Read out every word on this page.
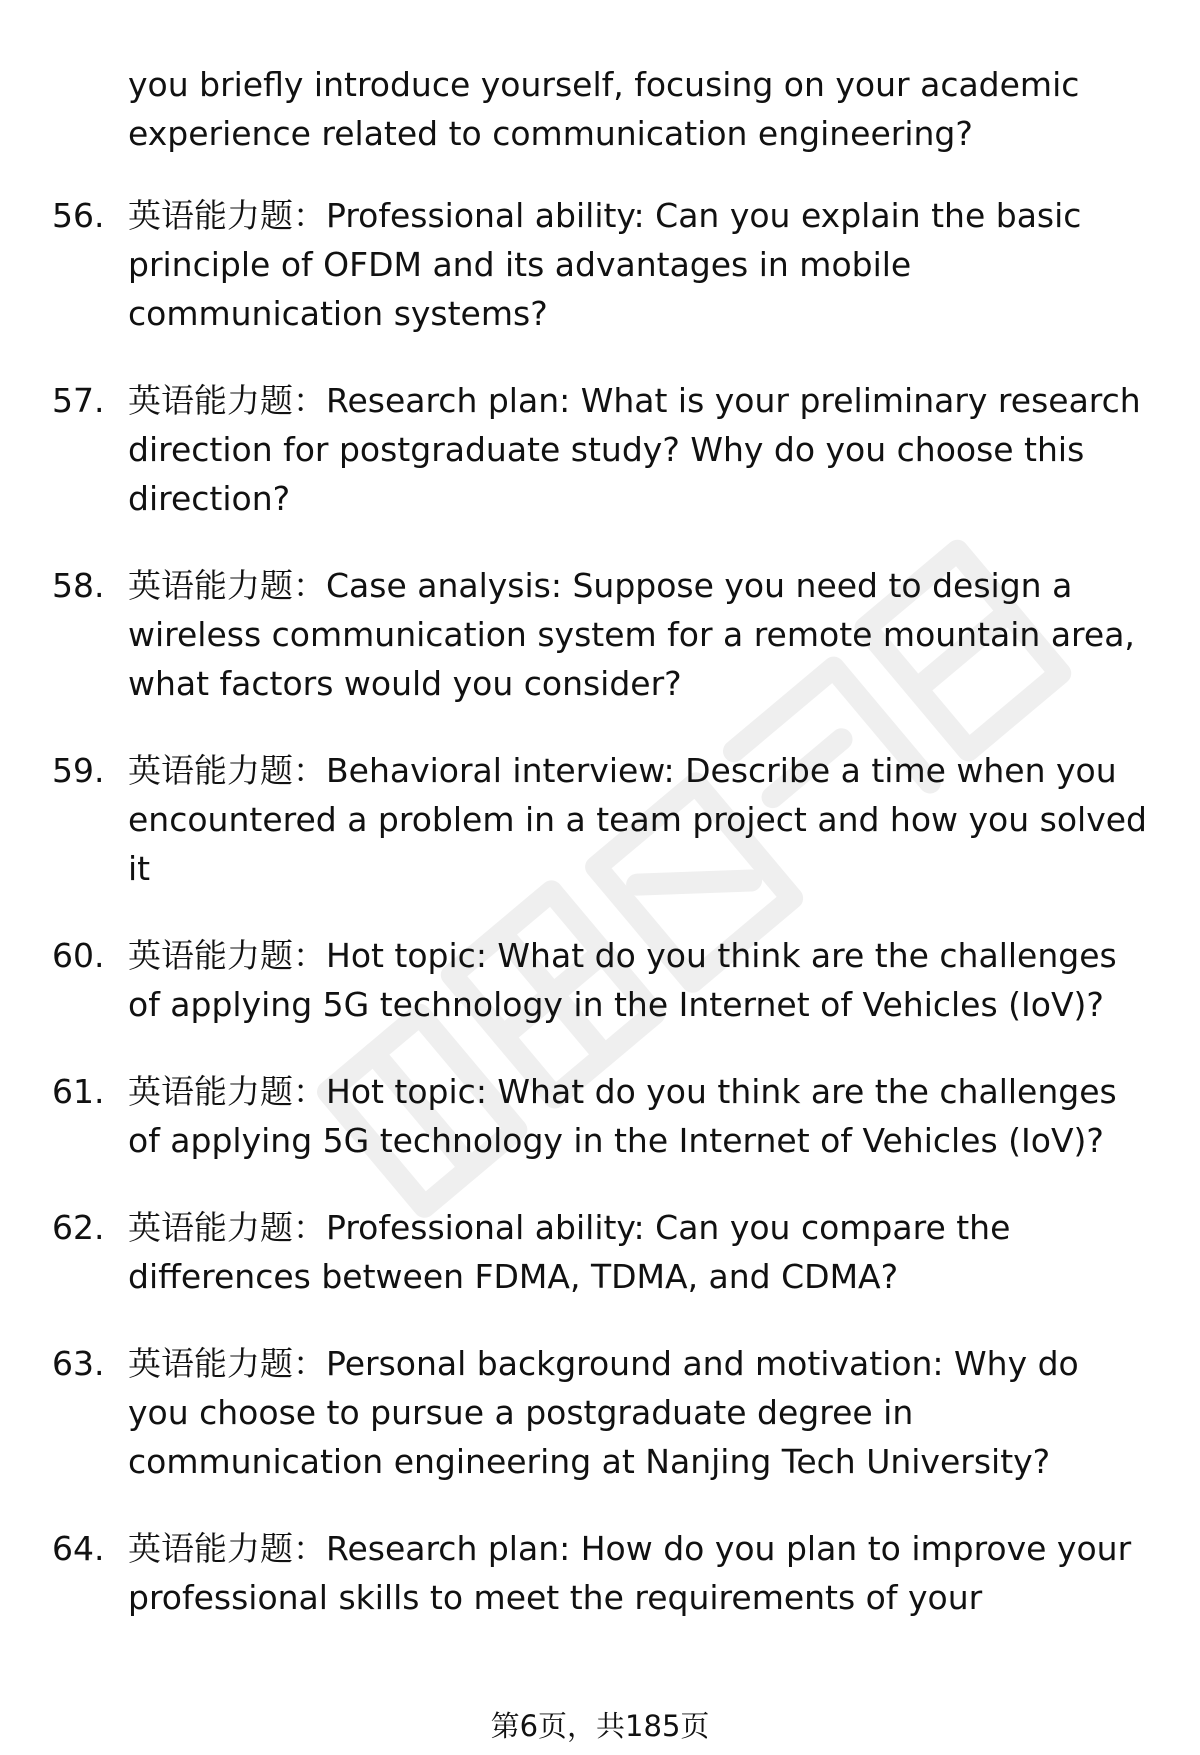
you briefly introduce yourself, focusing on your academic experience related to communication engineering?

56. 英语能力题：Professional ability: Can you explain the basic principle of OFDM and its advantages in mobile communication systems?
57. 英语能力题：Research plan: What is your preliminary research direction for postgraduate study? Why do you choose this direction?
58. 英语能力题：Case analysis: Suppose you need to design a wireless communication system for a remote mountain area, what factors would you consider?
59. 英语能力题：Behavioral interview: Describe a time when you encountered a problem in a team project and how you solved it
60. 英语能力题：Hot topic: What do you think are the challenges of applying 5G technology in the Internet of Vehicles (IoV)?
61. 英语能力题：Hot topic: What do you think are the challenges of applying 5G technology in the Internet of Vehicles (IoV)?
62. 英语能力题：Professional ability: Can you compare the differences between FDMA, TDMA, and CDMA?
63. 英语能力题：Personal background and motivation: Why do you choose to pursue a postgraduate degree in communication engineering at Nanjing Tech University?
64. 英语能力题：Research plan: How do you plan to improve your professional skills to meet the requirements of your
第6页，共185页
